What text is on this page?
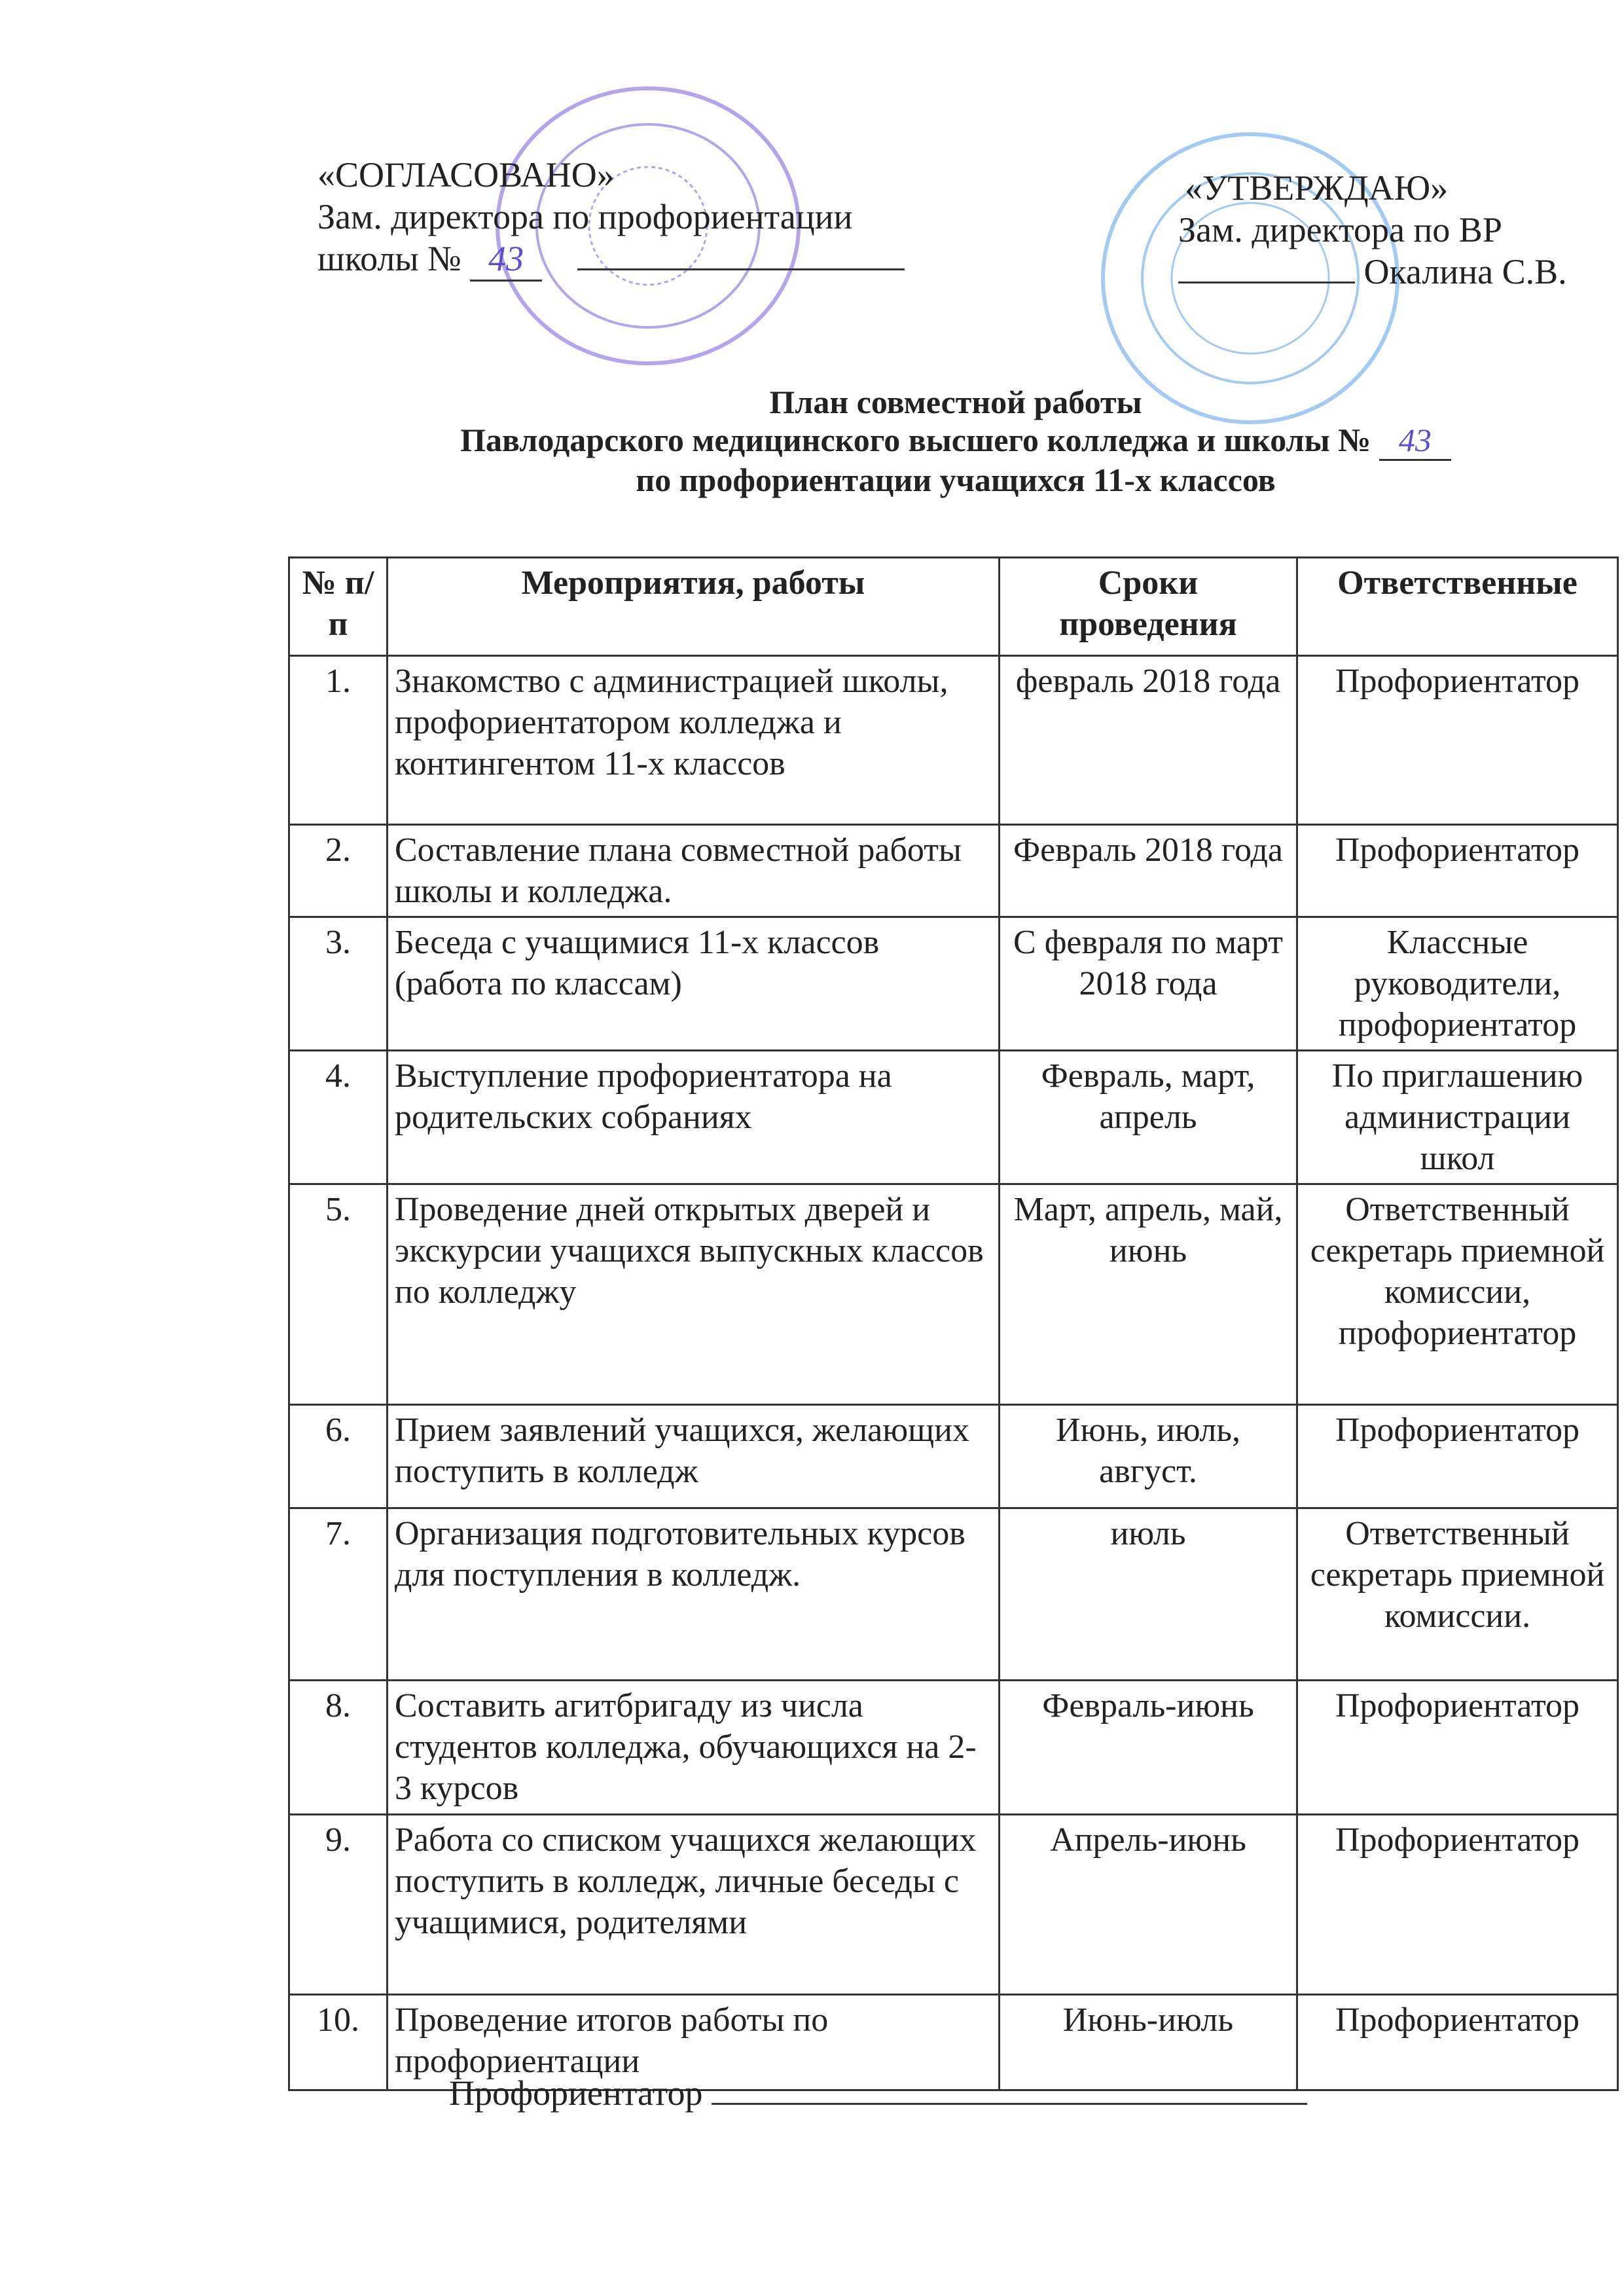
«СОГЛАСОВАНО»
Зам. директора по профориентации
школы № 43
«УТВЕРЖДАЮ»
Зам. директора по ВР
Окалина С.В.
План совместной работы
Павлодарского медицинского высшего колледжа и школы № 43
по профориентации учащихся 11-х классов
№ п/п	Мероприятия, работы	Сроки проведения	Ответственные
1.	Знакомство с администрацией школы, профориентатором колледжа и контингентом 11-х классов	февраль 2018 года	Профориентатор
2.	Составление плана совместной работы школы и колледжа.	Февраль 2018 года	Профориентатор
3.	Беседа с учащимися 11-х классов (работа по классам)	С февраля по март 2018 года	Классные руководители, профориентатор
4.	Выступление профориентатора на родительских собраниях	Февраль, март, апрель	По приглашению администрации школ
5.	Проведение дней открытых дверей и экскурсии учащихся выпускных классов по колледжу	Март, апрель, май, июнь	Ответственный секретарь приемной комиссии, профориентатор
6.	Прием заявлений учащихся, желающих поступить в колледж	Июнь, июль, август.	Профориентатор
7.	Организация подготовительных курсов для поступления в колледж.	июль	Ответственный секретарь приемной комиссии.
8.	Составить агитбригаду из числа студентов колледжа, обучающихся на 2-3 курсов	Февраль-июнь	Профориентатор
9.	Работа со списком учащихся желающих поступить в колледж, личные беседы с учащимися, родителями	Апрель-июнь	Профориентатор
10.	Проведение итогов работы по профориентации	Июнь-июль	Профориентатор
Профориентатор
